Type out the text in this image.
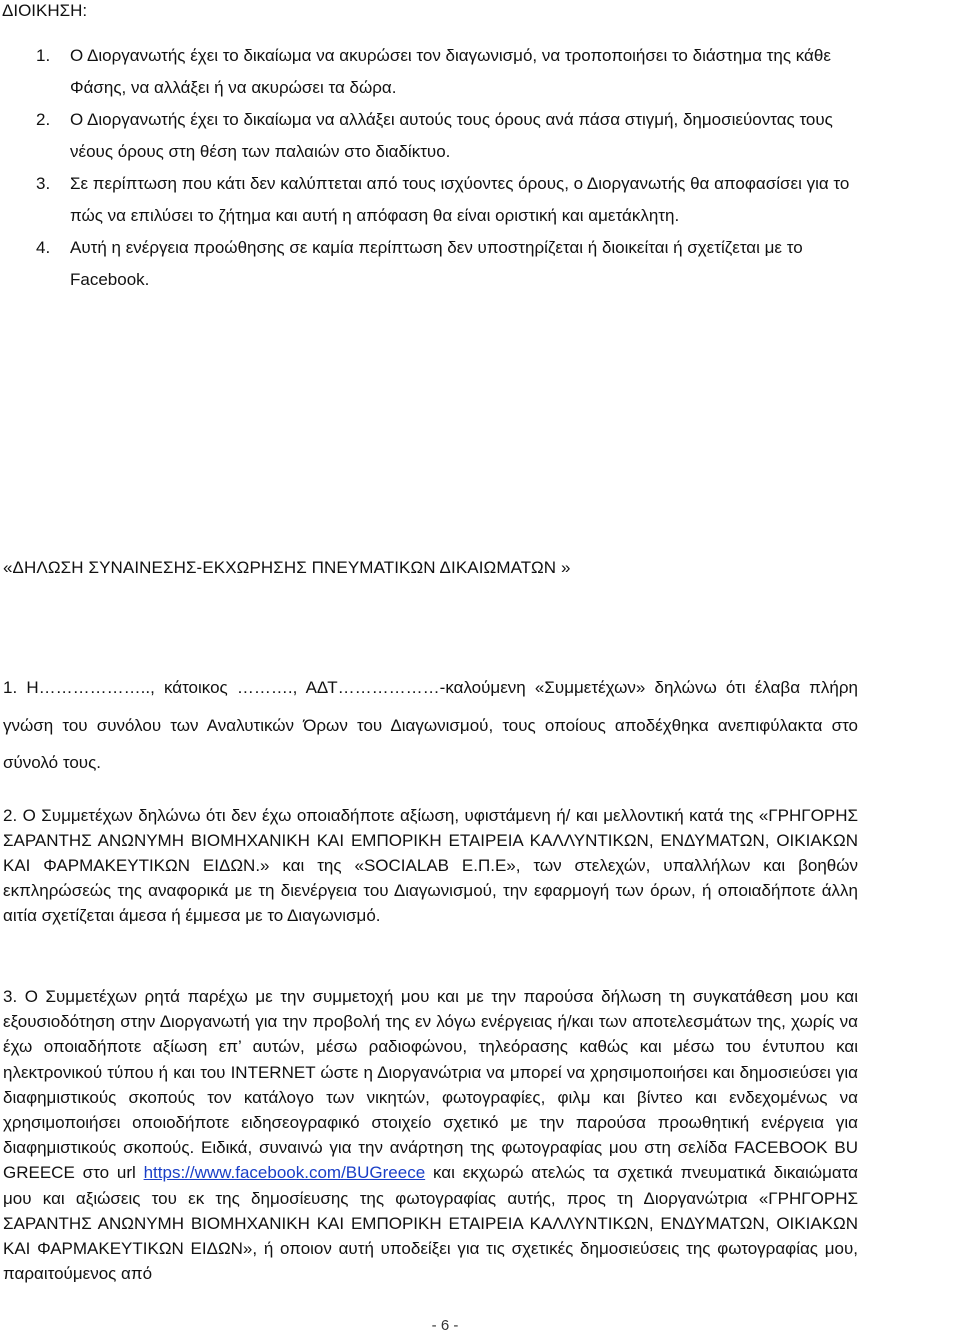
ΔΙΟΙΚΗΣΗ:
1. Ο Διοργανωτής έχει το δικαίωμα να ακυρώσει τον διαγωνισμό, να τροποποιήσει το διάστημα της κάθε Φάσης, να αλλάξει ή να ακυρώσει τα δώρα.
2. Ο Διοργανωτής έχει το δικαίωμα να αλλάξει αυτούς τους όρους ανά πάσα στιγμή, δημοσιεύοντας τους νέους όρους στη θέση των παλαιών στο διαδίκτυο.
3. Σε περίπτωση που κάτι δεν καλύπτεται από τους ισχύοντες όρους, ο Διοργανωτής θα αποφασίσει για το πώς να επιλύσει το ζήτημα και αυτή η απόφαση θα είναι οριστική και αμετάκλητη.
4. Αυτή η ενέργεια προώθησης σε καμία περίπτωση δεν υποστηρίζεται ή διοικείται ή σχετίζεται με το Facebook.
«ΔΗΛΩΣΗ ΣΥΝΑΙΝΕΣΗΣ-ΕΚΧΩΡΗΣΗΣ ΠΝΕΥΜΑΤΙΚΩΝ ΔΙΚΑΙΩΜΑΤΩΝ »

1. Η……………….., κάτοικος ………., ΑΔΤ………………-καλούμενη «Συμμετέχων» δηλώνω ότι έλαβα πλήρη γνώση του συνόλου των Αναλυτικών Όρων του Διαγωνισμού, τους οποίους αποδέχθηκα ανεπιφύλακτα στο σύνολό τους.

2. Ο Συμμετέχων δηλώνω ότι δεν έχω οποιαδήποτε αξίωση, υφιστάμενη ή/ και μελλοντική κατά της «ΓΡΗΓΟΡΗΣ ΣΑΡΑΝΤΗΣ ΑΝΩΝΥΜΗ ΒΙΟΜΗΧΑΝΙΚΗ ΚΑΙ ΕΜΠΟΡΙΚΗ ΕΤΑΙΡΕΙΑ ΚΑΛΛΥΝΤΙΚΩΝ, ΕΝΔΥΜΑΤΩΝ, ΟΙΚΙΑΚΩΝ ΚΑΙ ΦΑΡΜΑΚΕΥΤΙΚΩΝ ΕΙΔΩΝ.» και της «SOCIALAB Ε.Π.Ε», των στελεχών, υπαλλήλων και βοηθών εκπληρώσεώς της αναφορικά με τη διενέργεια του Διαγωνισμού, την εφαρμογή των όρων, ή οποιαδήποτε άλλη αιτία σχετίζεται άμεσα ή έμμεσα με το Διαγωνισμό.

3. Ο Συμμετέχων ρητά παρέχω με την συμμετοχή μου και με την παρούσα δήλωση τη συγκατάθεση μου και εξουσιοδότηση στην Διοργανωτή για την προβολή της εν λόγω ενέργειας ή/και των αποτελεσμάτων της, χωρίς να έχω οποιαδήποτε αξίωση επ’ αυτών, μέσω ραδιοφώνου, τηλεόρασης καθώς και μέσω του έντυπου και ηλεκτρονικού τύπου ή και του INTERNET ώστε η Διοργανώτρια να μπορεί να χρησιμοποιήσει και δημοσιεύσει για διαφημιστικούς σκοπούς τον κατάλογο των νικητών, φωτογραφίες, φιλμ και βίντεο και ενδεχομένως να χρησιμοποιήσει οποιοδήποτε ειδησεογραφικό στοιχείο σχετικό με την παρούσα προωθητική ενέργεια για διαφημιστικούς σκοπούς. Ειδικά, συναινώ για την ανάρτηση της φωτογραφίας μου στη σελίδα FACEBOOK BU GREECE στο url https://www.facebook.com/BUGreece και εκχωρώ ατελώς τα σχετικά πνευματικά δικαιώματα μου και αξιώσεις του εκ της δημοσίευσης της φωτογραφίας αυτής, προς τη Διοργανώτρια «ΓΡΗΓΟΡΗΣ ΣΑΡΑΝΤΗΣ ΑΝΩΝΥΜΗ ΒΙΟΜΗΧΑΝΙΚΗ ΚΑΙ ΕΜΠΟΡΙΚΗ ΕΤΑΙΡΕΙΑ ΚΑΛΛΥΝΤΙΚΩΝ, ΕΝΔΥΜΑΤΩΝ, ΟΙΚΙΑΚΩΝ ΚΑΙ ΦΑΡΜΑΚΕΥΤΙΚΩΝ ΕΙΔΩΝ», ή οποιον αυτή υποδείξει για τις σχετικές δημοσιεύσεις της φωτογραφίας μου, παραιτούμενος από

- 6 -
